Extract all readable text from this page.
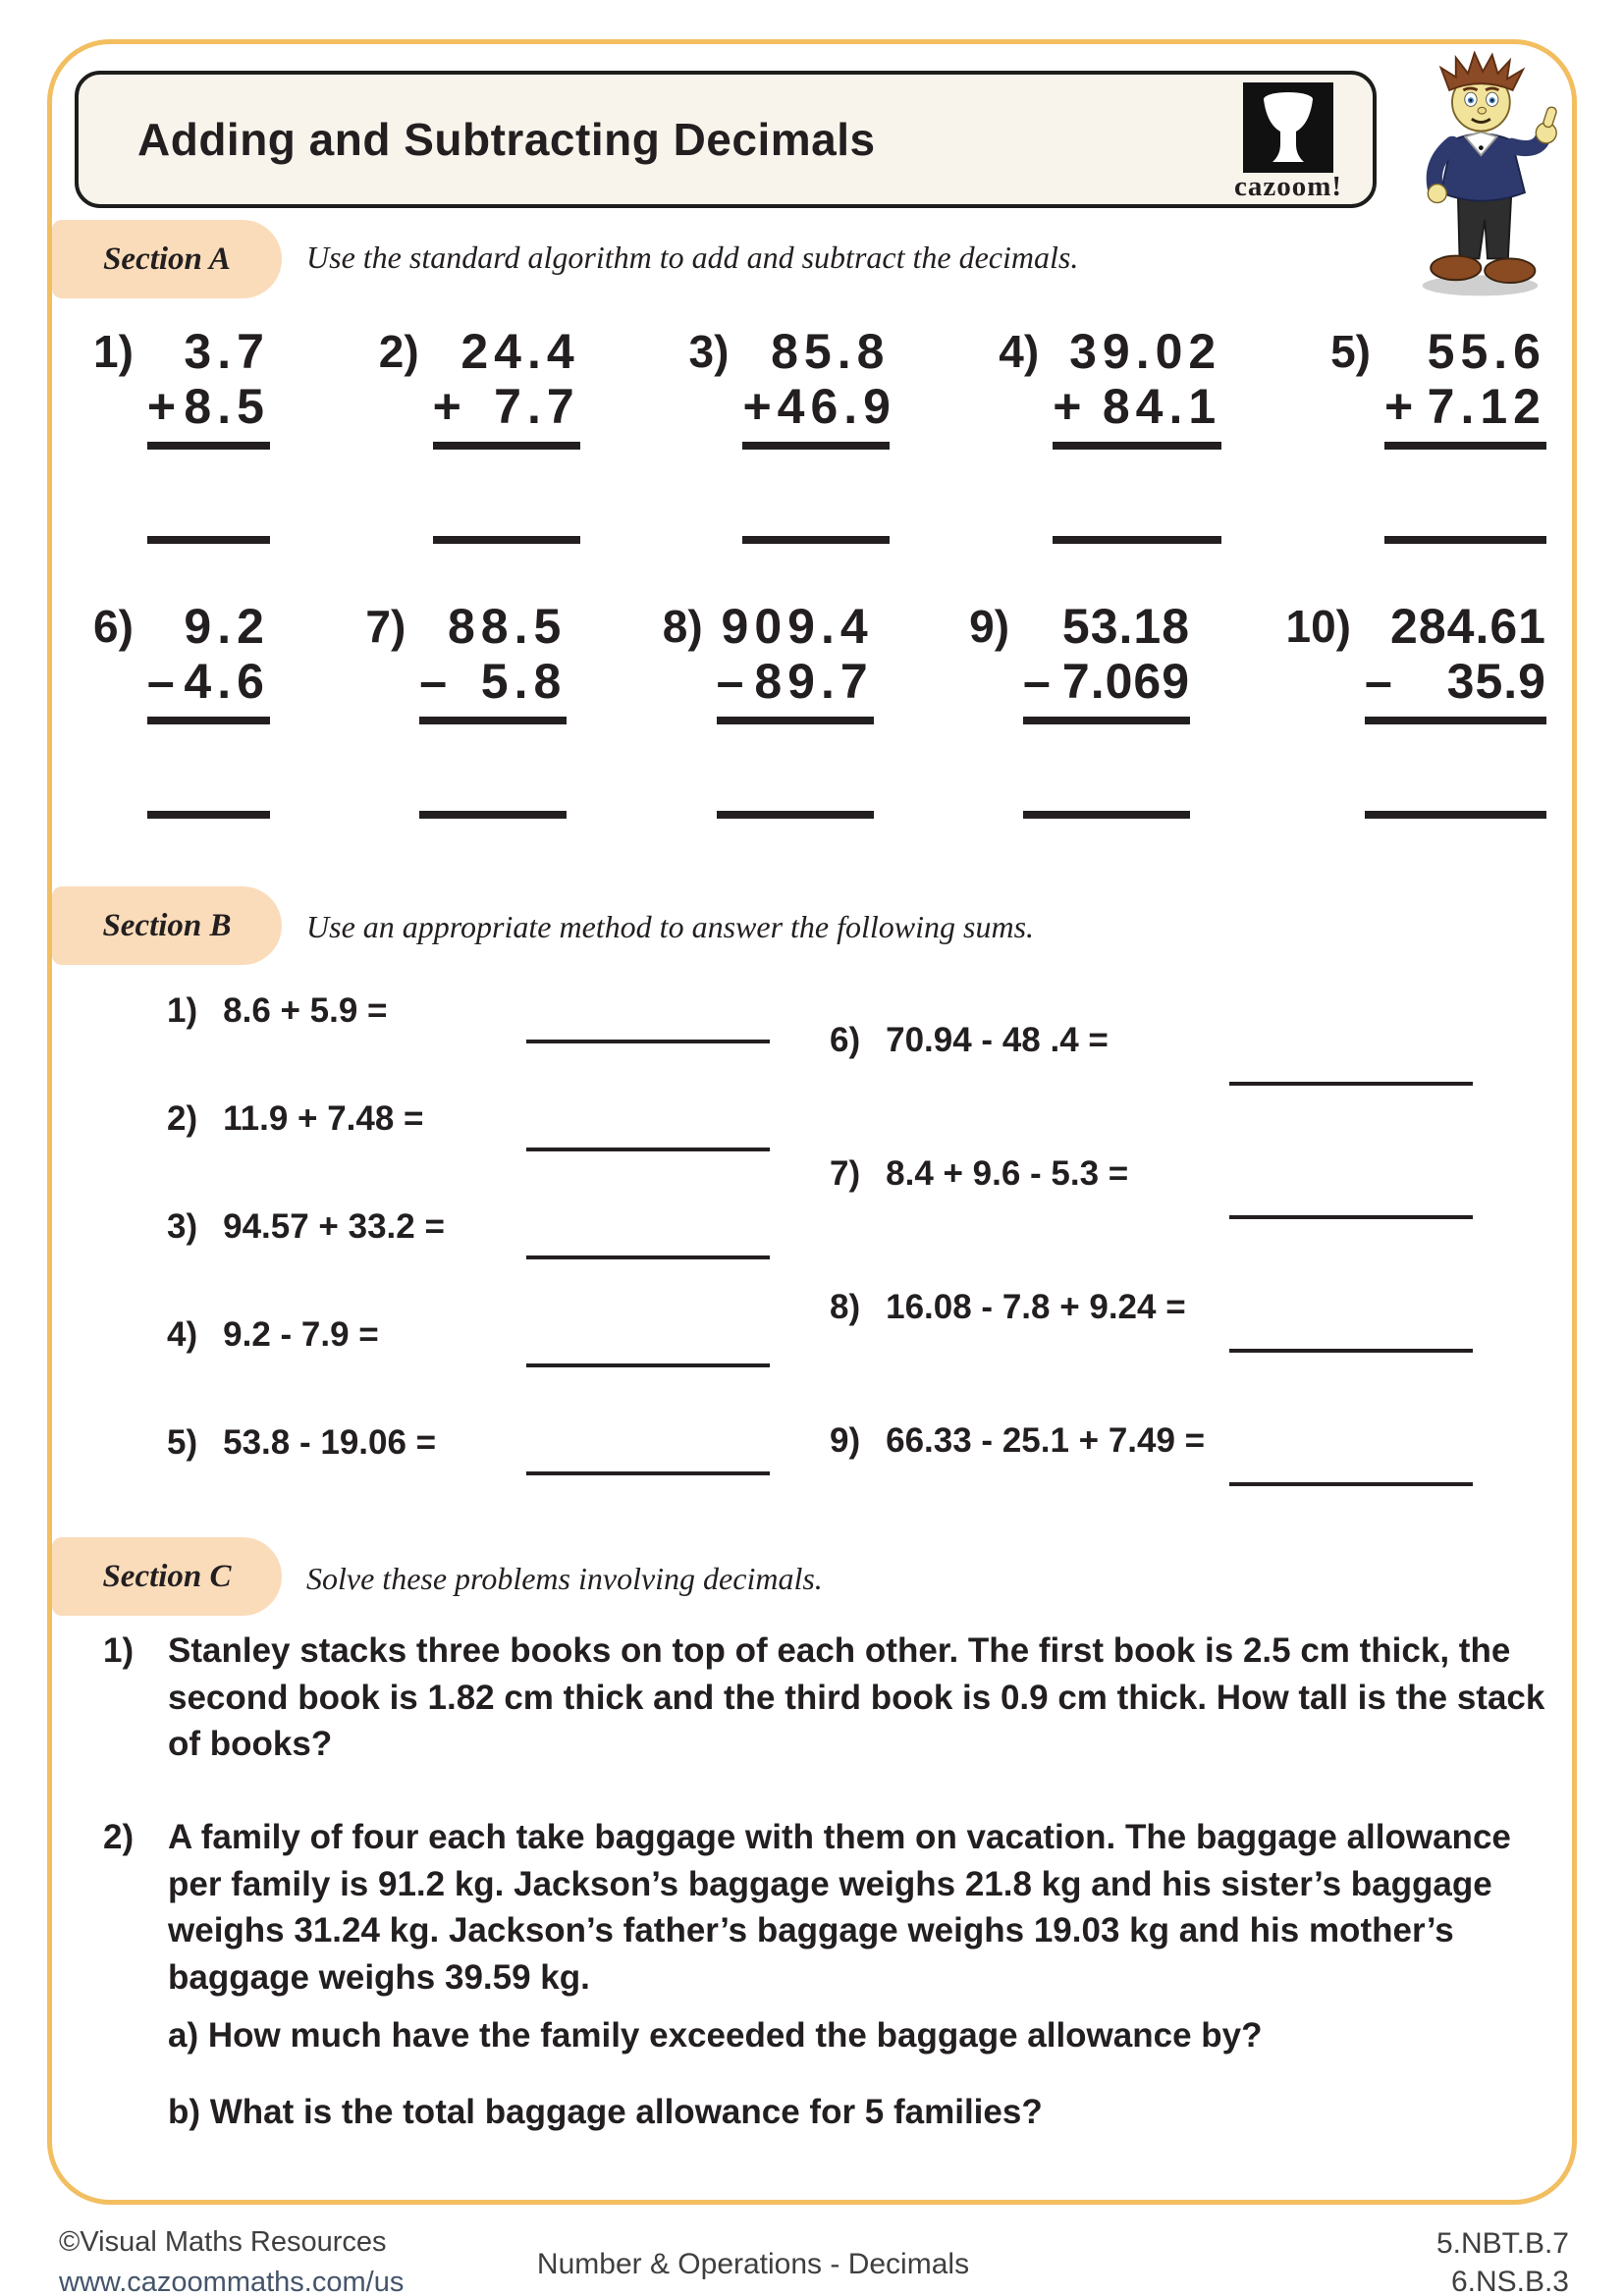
Adding and Subtracting Decimals
cazoom!
Section A Use the standard algorithm to add and subtract the decimals.
1)	3.7
+ 8.5
2) 24.4
+ 7.7
3) 85.8
+ 46.9
4) 39.02
+ 84.1
5)	55.6
+ 7.12
6)	9.2
– 4.6
7) 88.5
– 5.8
8) 909.4
– 89.7
9)	53.18
– 7.069
10) 284.61
– 35.9
Section B Use an appropriate method to answer the following sums.
1) 8.6 + 5.9 =
2) 11.9 + 7.48 =
3) 94.57 + 33.2 =
4) 9.2 - 7.9 =
5) 53.8 - 19.06 =
6) 70.94 - 48 .4 =
7) 8.4 + 9.6 - 5.3 =
8) 16.08 - 7.8 + 9.24 =
9) 66.33 - 25.1 + 7.49 =
Section C Solve these problems involving decimals.
1) Stanley stacks three books on top of each other. The first book is 2.5 cm thick, the second book is 1.82 cm thick and the third book is 0.9 cm thick. How tall is the stack of books?
2) A family of four each take baggage with them on vacation. The baggage allowance per family is 91.2 kg. Jackson’s baggage weighs 21.8 kg and his sister’s baggage weighs 31.24 kg. Jackson’s father’s baggage weighs 19.03 kg and his mother’s baggage weighs 39.59 kg.
a) How much have the family exceeded the baggage allowance by?
b) What is the total baggage allowance for 5 families?
©Visual Maths Resources
www.cazoommaths.com/us
Number & Operations - Decimals
5.NBT.B.7
6.NS.B.3
